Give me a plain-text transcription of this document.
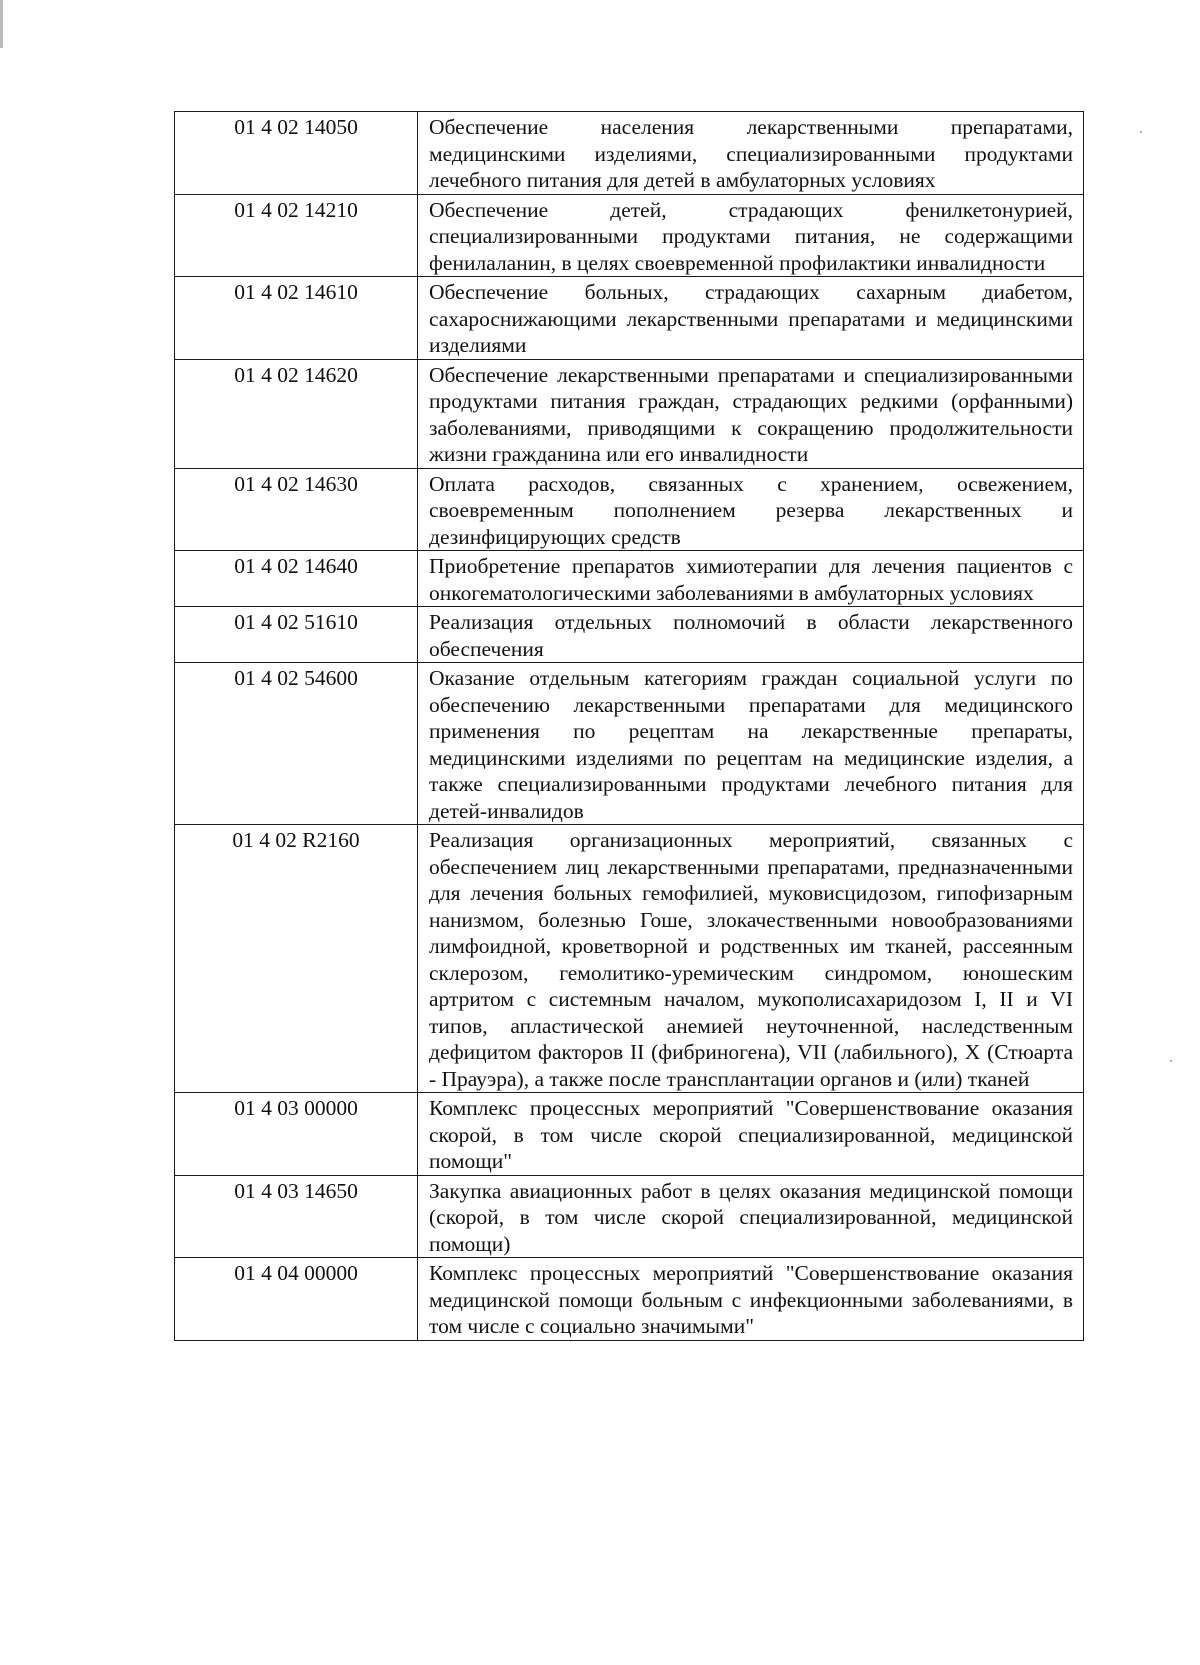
01 4 02 14050	Обеспечение населения лекарственными препаратами, медицинскими изделиями, специализированными продуктами лечебного питания для детей в амбулаторных условиях
01 4 02 14210	Обеспечение детей, страдающих фенилкетонурией, специализированными продуктами питания, не содержащими фенилаланин, в целях своевременной профилактики инвалидности
01 4 02 14610	Обеспечение больных, страдающих сахарным диабетом, сахароснижающими лекарственными препаратами и медицинскими изделиями
01 4 02 14620	Обеспечение лекарственными препаратами и специализированными продуктами питания граждан, страдающих редкими (орфанными) заболеваниями, приводящими к сокращению продолжительности жизни гражданина или его инвалидности
01 4 02 14630	Оплата расходов, связанных с хранением, освежением, своевременным пополнением резерва лекарственных и дезинфицирующих средств
01 4 02 14640	Приобретение препаратов химиотерапии для лечения пациентов с онкогематологическими заболеваниями в амбулаторных условиях
01 4 02 51610	Реализация отдельных полномочий в области лекарственного обеспечения
01 4 02 54600	Оказание отдельным категориям граждан социальной услуги по обеспечению лекарственными препаратами для медицинского применения по рецептам на лекарственные препараты, медицинскими изделиями по рецептам на медицинские изделия, а также специализированными продуктами лечебного питания для детей-инвалидов
01 4 02 R2160	Реализация организационных мероприятий, связанных с обеспечением лиц лекарственными препаратами, предназначенными для лечения больных гемофилией, муковисцидозом, гипофизарным нанизмом, болезнью Гоше, злокачественными новообразованиями лимфоидной, кроветворной и родственных им тканей, рассеянным склерозом, гемолитико-уремическим синдромом, юношеским артритом с системным началом, мукополисахаридозом I, II и VI типов, апластической анемией неуточненной, наследственным дефицитом факторов II (фибриногена), VII (лабильного), X (Стюарта - Прауэра), а также после трансплантации органов и (или) тканей
01 4 03 00000	Комплекс процессных мероприятий "Совершенствование оказания скорой, в том числе скорой специализированной, медицинской помощи"
01 4 03 14650	Закупка авиационных работ в целях оказания медицинской помощи (скорой, в том числе скорой специализированной, медицинской помощи)
01 4 04 00000	Комплекс процессных мероприятий "Совершенствование оказания медицинской помощи больным с инфекционными заболеваниями, в том числе с социально значимыми"
